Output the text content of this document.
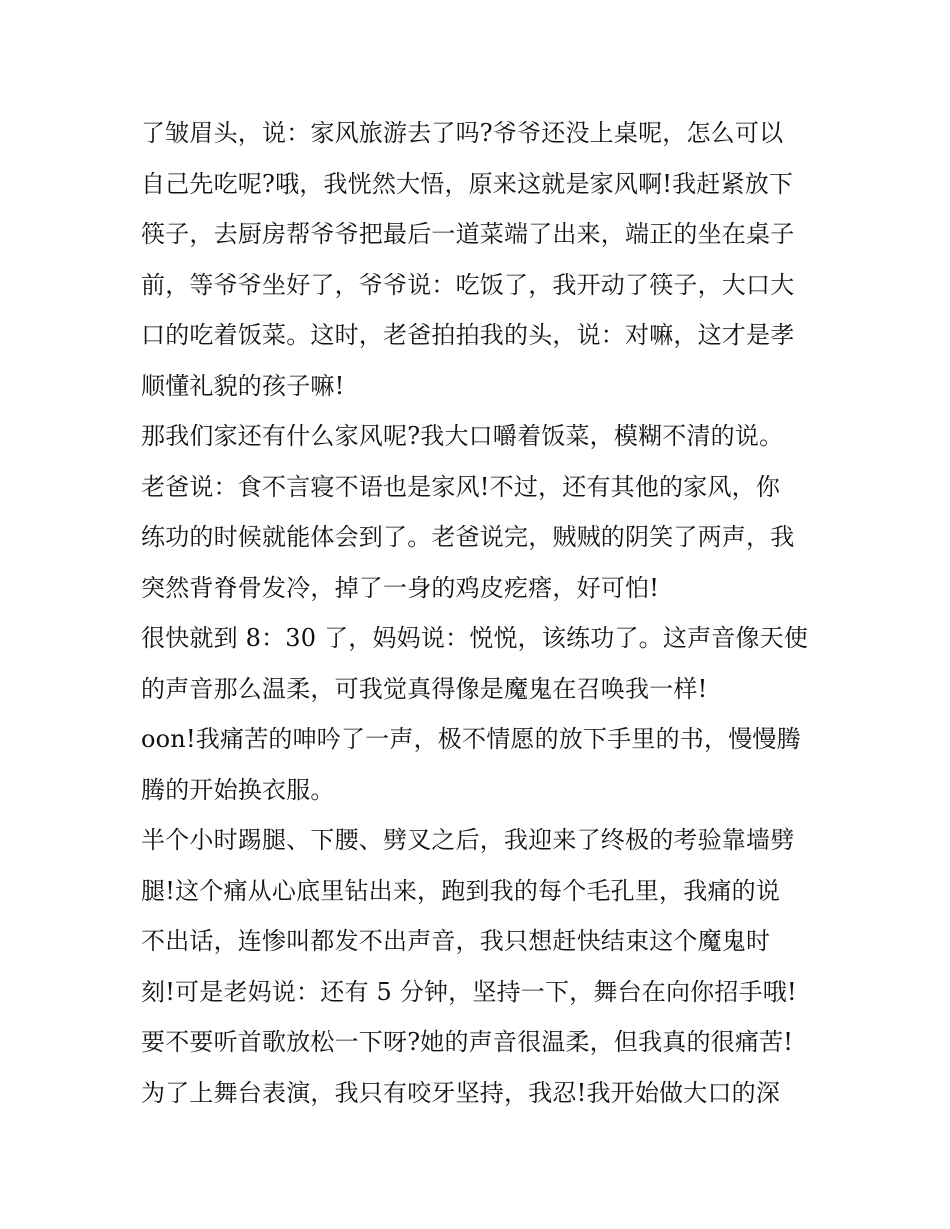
了皱眉头，说：家风旅游去了吗?爷爷还没上桌呢，怎么可以
自己先吃呢?哦，我恍然大悟，原来这就是家风啊!我赶紧放下
筷子，去厨房帮爷爷把最后一道菜端了出来，端正的坐在桌子
前，等爷爷坐好了，爷爷说：吃饭了，我开动了筷子，大口大
口的吃着饭菜。这时，老爸拍拍我的头，说：对嘛，这才是孝
顺懂礼貌的孩子嘛!
那我们家还有什么家风呢?我大口嚼着饭菜，模糊不清的说。
老爸说：食不言寝不语也是家风!不过，还有其他的家风，你
练功的时候就能体会到了。老爸说完，贼贼的阴笑了两声，我
突然背脊骨发冷，掉了一身的鸡皮疙瘩，好可怕!
很快就到 8：30 了，妈妈说：悦悦，该练功了。这声音像天使
的声音那么温柔，可我觉真得像是魔鬼在召唤我一样!
oon!我痛苦的呻吟了一声，极不情愿的放下手里的书，慢慢腾
腾的开始换衣服。
半个小时踢腿、下腰、劈叉之后，我迎来了终极的考验靠墙劈
腿!这个痛从心底里钻出来，跑到我的每个毛孔里，我痛的说
不出话，连惨叫都发不出声音，我只想赶快结束这个魔鬼时
刻!可是老妈说：还有 5 分钟，坚持一下，舞台在向你招手哦!
要不要听首歌放松一下呀?她的声音很温柔，但我真的很痛苦!
为了上舞台表演，我只有咬牙坚持，我忍!我开始做大口的深
